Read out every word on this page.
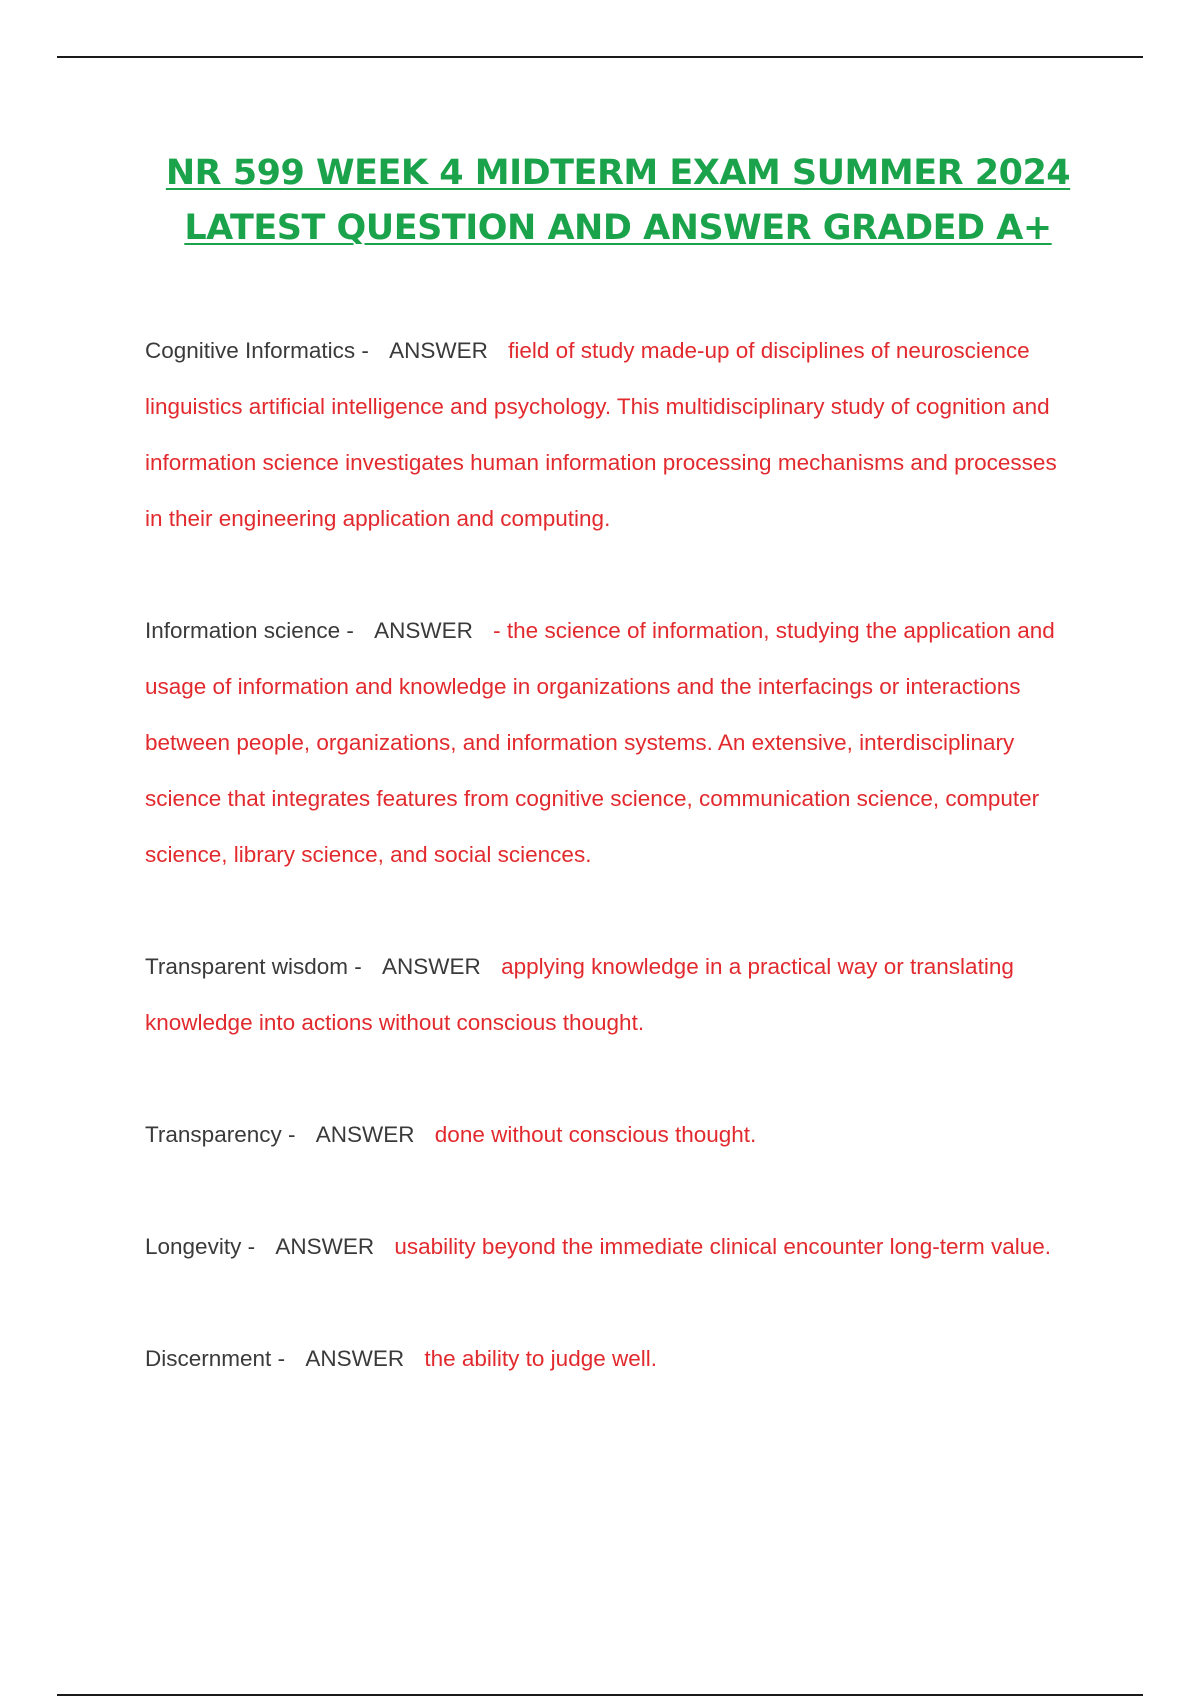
NR 599 WEEK 4 MIDTERM EXAM SUMMER 2024
LATEST QUESTION AND ANSWER GRADED A+

Cognitive Informatics - ANSWER field of study made-up of disciplines of neuroscience linguistics artificial intelligence and psychology. This multidisciplinary study of cognition and information science investigates human information processing mechanisms and processes in their engineering application and computing.

Information science - ANSWER - the science of information, studying the application and usage of information and knowledge in organizations and the interfacings or interactions between people, organizations, and information systems. An extensive, interdisciplinary science that integrates features from cognitive science, communication science, computer science, library science, and social sciences.

Transparent wisdom - ANSWER applying knowledge in a practical way or translating knowledge into actions without conscious thought.

Transparency - ANSWER done without conscious thought.

Longevity - ANSWER usability beyond the immediate clinical encounter long-term value.

Discernment - ANSWER the ability to judge well.
